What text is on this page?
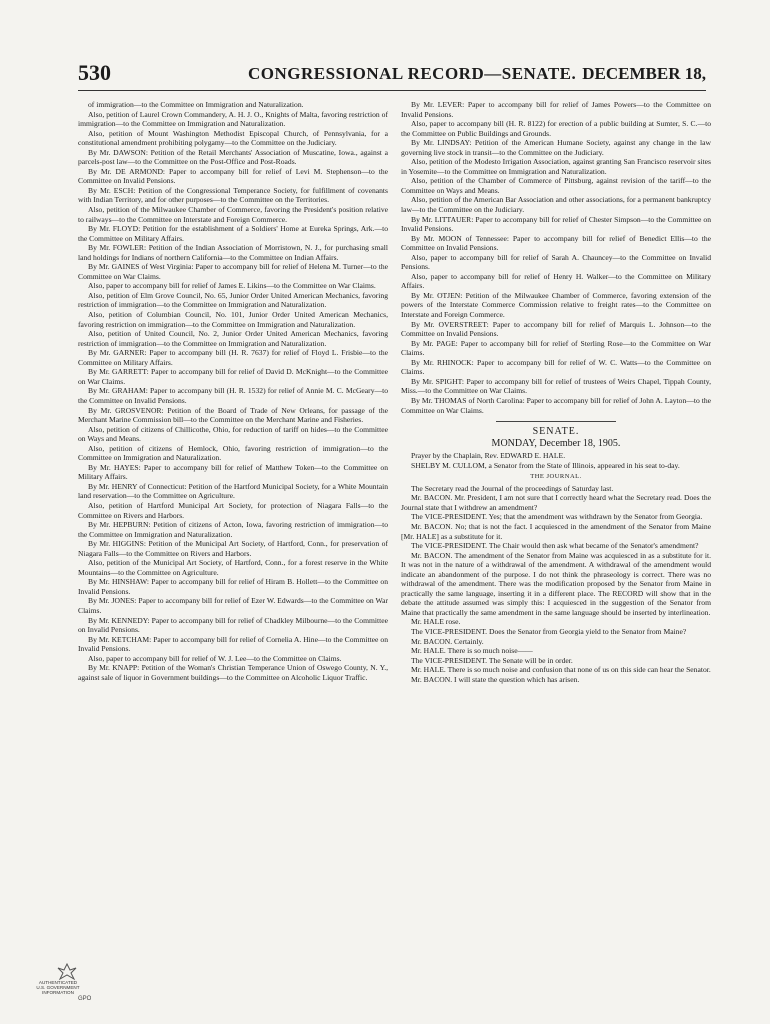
530	CONGRESSIONAL RECORD—SENATE. DECEMBER 18,

of immigration—to the Committee on Immigration and Naturalization.

Also, petition of Laurel Crown Commandery, A. H. J. O., Knights of Malta, favoring restriction of immigration—to the Committee on Immigration and Naturalization.

Also, petition of Mount Washington Methodist Episcopal Church, of Pennsylvania, for a constitutional amendment prohibiting polygamy—to the Committee on the Judiciary.

By Mr. DAWSON: Petition of the Retail Merchants' Association of Muscatine, Iowa., against a parcels-post law—to the Committee on the Post-Office and Post-Roads.

By Mr. DE ARMOND: Paper to accompany bill for relief of Levi M. Stephenson—to the Committee on Invalid Pensions.

By Mr. ESCH: Petition of the Congressional Temperance Society, for fulfillment of covenants with Indian Territory, and for other purposes—to the Committee on the Territories.

Also, petition of the Milwaukee Chamber of Commerce, favoring the President's position relative to railways—to the Committee on Interstate and Foreign Commerce.

By Mr. FLOYD: Petition for the establishment of a Soldiers' Home at Eureka Springs, Ark.—to the Committee on Military Affairs.

By Mr. FOWLER: Petition of the Indian Association of Morristown, N. J., for purchasing small land holdings for Indians of northern California—to the Committee on Indian Affairs.

By Mr. GAINES of West Virginia: Paper to accompany bill for relief of Helena M. Turner—to the Committee on War Claims.

Also, paper to accompany bill for relief of James E. Likins—to the Committee on War Claims.

Also, petition of Elm Grove Council, No. 65, Junior Order United American Mechanics, favoring restriction of immigration—to the Committee on Immigration and Naturalization.

Also, petition of Columbian Council, No. 101, Junior Order United American Mechanics, favoring restriction on immigration—to the Committee on Immigration and Naturalization.

Also, petition of United Council, No. 2, Junior Order United American Mechanics, favoring restriction of immigration—to the Committee on Immigration and Naturalization.

By Mr. GARNER: Paper to accompany bill (H. R. 7637) for relief of Floyd L. Frisbie—to the Committee on Military Affairs.

By Mr. GARRETT: Paper to accompany bill for relief of David D. McKnight—to the Committee on War Claims.

By Mr. GRAHAM: Paper to accompany bill (H. R. 1532) for relief of Annie M. C. McGeary—to the Committee on Invalid Pensions.

By Mr. GROSVENOR: Petition of the Board of Trade of New Orleans, for passage of the Merchant Marine Commission bill—to the Committee on the Merchant Marine and Fisheries.

Also, petition of citizens of Chillicothe, Ohio, for reduction of tariff on hides—to the Committee on Ways and Means.

Also, petition of citizens of Hemlock, Ohio, favoring restriction of immigration—to the Committee on Immigration and Naturalization.

By Mr. HAYES: Paper to accompany bill for relief of Matthew Token—to the Committee on Military Affairs.

By Mr. HENRY of Connecticut: Petition of the Hartford Municipal Society, for a White Mountain land reservation—to the Committee on Agriculture.

Also, petition of Hartford Municipal Art Society, for protection of Niagara Falls—to the Committee on Rivers and Harbors.

By Mr. HEPBURN: Petition of citizens of Acton, Iowa, favoring restriction of immigration—to the Committee on Immigration and Naturalization.

By Mr. HIGGINS: Petition of the Municipal Art Society, of Hartford, Conn., for preservation of Niagara Falls—to the Committee on Rivers and Harbors.

Also, petition of the Municipal Art Society, of Hartford, Conn., for a forest reserve in the White Mountains—to the Committee on Agriculture.

By Mr. HINSHAW: Paper to accompany bill for relief of Hiram B. Hollett—to the Committee on Invalid Pensions.

By Mr. JONES: Paper to accompany bill for relief of Ezer W. Edwards—to the Committee on War Claims.

By Mr. KENNEDY: Paper to accompany bill for relief of Chadkley Milbourne—to the Committee on Invalid Pensions.

By Mr. KETCHAM: Paper to accompany bill for relief of Cornelia A. Hine—to the Committee on Invalid Pensions.

Also, paper to accompany bill for relief of W. J. Lee—to the Committee on Claims.

By Mr. KNAPP: Petition of the Woman's Christian Temperance Union of Oswego County, N. Y., against sale of liquor in Government buildings—to the Committee on Alcoholic Liquor Traffic.

By Mr. LEVER: Paper to accompany bill for relief of James Powers—to the Committee on Invalid Pensions.

Also, paper to accompany bill (H. R. 8122) for erection of a public building at Sumter, S. C.—to the Committee on Public Buildings and Grounds.

By Mr. LINDSAY: Petition of the American Humane Society, against any change in the law governing live stock in transit—to the Committee on the Judiciary.

Also, petition of the Modesto Irrigation Association, against granting San Francisco reservoir sites in Yosemite—to the Committee on Immigration and Naturalization.

Also, petition of the Chamber of Commerce of Pittsburg, against revision of the tariff—to the Committee on Ways and Means.

Also, petition of the American Bar Association and other associations, for a permanent bankruptcy law—to the Committee on the Judiciary.

By Mr. LITTAUER: Paper to accompany bill for relief of Chester Simpson—to the Committee on Invalid Pensions.

By Mr. MOON of Tennessee: Paper to accompany bill for relief of Benedict Ellis—to the Committee on Invalid Pensions.

Also, paper to accompany bill for relief of Sarah A. Chauncey—to the Committee on Invalid Pensions.

Also, paper to accompany bill for relief of Henry H. Walker—to the Committee on Military Affairs.

By Mr. OTJEN: Petition of the Milwaukee Chamber of Commerce, favoring extension of the powers of the Interstate Commerce Commission relative to freight rates—to the Committee on Interstate and Foreign Commerce.

By Mr. OVERSTREET: Paper to accompany bill for relief of Marquis L. Johnson—to the Committee on Invalid Pensions.

By Mr. PAGE: Paper to accompany bill for relief of Sterling Rose—to the Committee on War Claims.

By Mr. RHINOCK: Paper to accompany bill for relief of W. C. Watts—to the Committee on Claims.

By Mr. SPIGHT: Paper to accompany bill for relief of trustees of Weirs Chapel, Tippah County, Miss.—to the Committee on War Claims.

By Mr. THOMAS of North Carolina: Paper to accompany bill for relief of John A. Layton—to the Committee on War Claims.

SENATE.
MONDAY, December 18, 1905.

Prayer by the Chaplain, Rev. EDWARD E. HALE.

SHELBY M. CULLOM, a Senator from the State of Illinois, appeared in his seat to-day.

THE JOURNAL.

The Secretary read the Journal of the proceedings of Saturday last.

Mr. BACON. Mr. President, I am not sure that I correctly heard what the Secretary read. Does the Journal state that I withdrew an amendment?

The VICE-PRESIDENT. Yes; that the amendment was withdrawn by the Senator from Georgia.

Mr. BACON. No; that is not the fact. I acquiesced in the amendment of the Senator from Maine [Mr. HALE] as a substitute for it.

The VICE-PRESIDENT. The Chair would then ask what became of the Senator's amendment?

Mr. BACON. The amendment of the Senator from Maine was acquiesced in as a substitute for it. It was not in the nature of a withdrawal of the amendment. A withdrawal of the amendment would indicate an abandonment of the purpose. I do not think the phraseology is correct. There was no withdrawal of the amendment. There was the modification proposed by the Senator from Maine in practically the same language, inserting it in a different place. The RECORD will show that in the debate the attitude assumed was simply this: I acquiesced in the suggestion of the Senator from Maine that practically the same amendment in the same language should be inserted by interlineation.

Mr. HALE rose.

The VICE-PRESIDENT. Does the Senator from Georgia yield to the Senator from Maine?

Mr. BACON. Certainly.

Mr. HALE. There is so much noise——

The VICE-PRESIDENT. The Senate will be in order.

Mr. HALE. There is so much noise and confusion that none of us on this side can hear the Senator.

Mr. BACON. I will state the question which has arisen.

AUTHENTICATED U.S. GOVERNMENT INFORMATION
GPO
